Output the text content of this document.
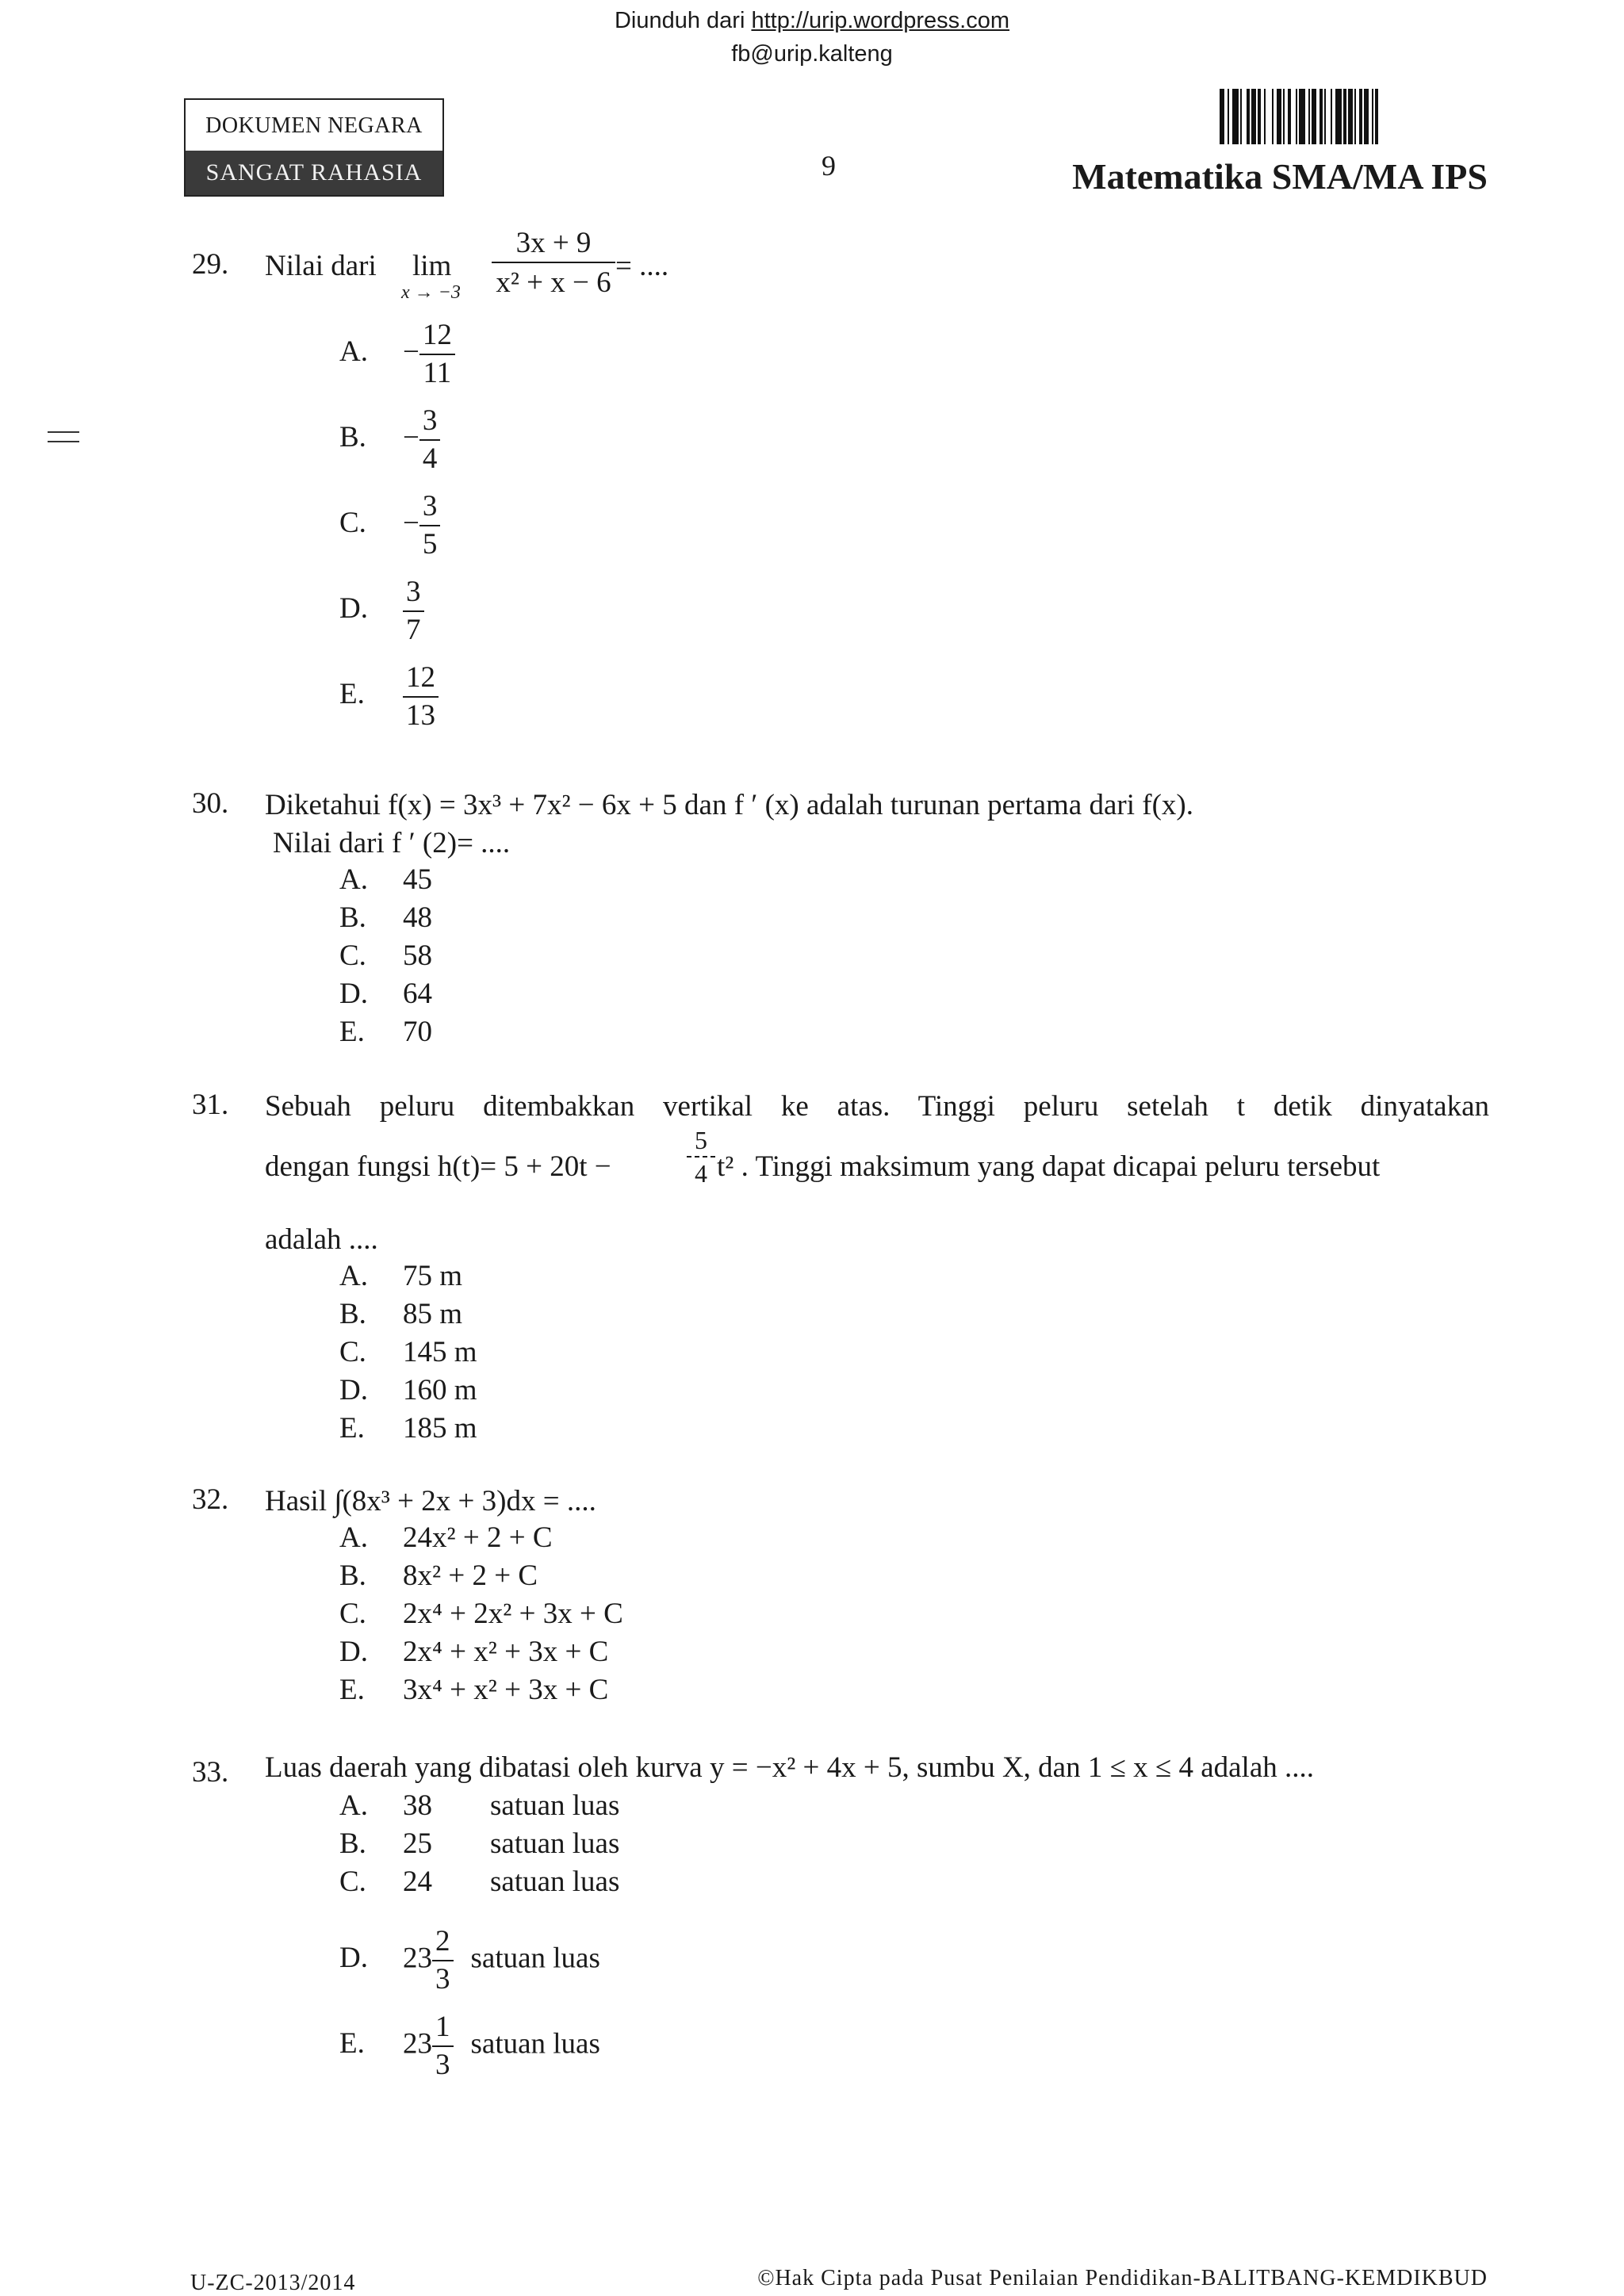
Diunduh dari http://urip.wordpress.com
fb@urip.kalteng
DOKUMEN NEGARA
SANGAT RAHASIA	9	Matematika SMA/MA IPS
29. Nilai dari lim
x → −3
3x + 9
x² + x − 6
= ....
A. − $\frac{12}{11}$
B. − $\frac{3}{4}$
C. − $\frac{3}{5}$
D. $\frac{3}{7}$
E. $\frac{12}{13}$
30. Diketahui f(x) = 3x³ + 7x² − 6x + 5 dan f ′ (x) adalah turunan pertama dari f(x).
Nilai dari f ′ (2)= ....
A. 45
B. 48
C. 58
D. 64
E. 70
31. Sebuah peluru ditembakkan vertikal ke atas. Tinggi peluru setelah t detik dinyatakan
dengan fungsi h(t)= 5 + 20t −
5
4 t² . Tinggi maksimum yang dapat dicapai peluru tersebut
adalah ....
A. 75 m
B. 85 m
C. 145 m
D. 160 m
E. 185 m
32. Hasil ∫(8x³ + 2x + 3)dx = ....
A. 24x² + 2 + C
B. 8x² + 2 + C
C. 2x⁴ + 2x² + 3x + C
D. 2x⁴ + x² + 3x + C
E. 3x⁴ + x² + 3x + C
33. Luas daerah yang dibatasi oleh kurva y = −x² + 4x + 5, sumbu X, dan 1 ≤ x ≤ 4 adalah ....
A. 38 satuan luas
B. 25 satuan luas
C. 24 satuan luas
D. $23 \frac{2}{3}$ satuan luas
E. $23 \frac{1}{3}$ satuan luas
U-ZC-2013/2014	©Hak Cipta pada Pusat Penilaian Pendidikan-BALITBANG-KEMDIKBUD
